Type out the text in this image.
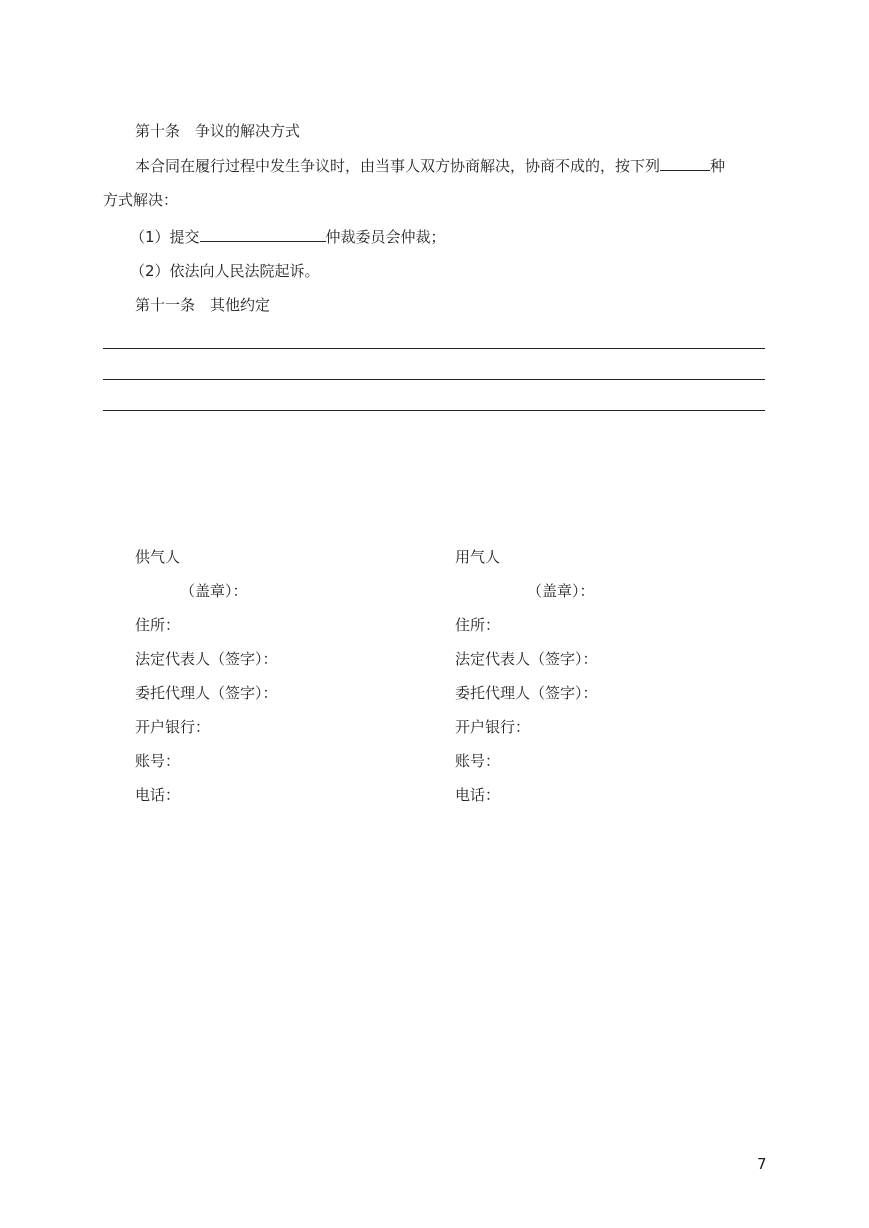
第十条　争议的解决方式
本合同在履行过程中发生争议时，由当事人双方协商解决，协商不成的，按下列	种
方式解决：
（1）提交	仲裁委员会仲裁；
（2）依法向人民法院起诉。
第十一条　其他约定
供气人
（盖章）：
住所：
法定代表人（签字）：
委托代理人（签字）：
开户银行：
账号：
电话：
用气人
（盖章）：
住所：
法定代表人（签字）：
委托代理人（签字）：
开户银行：
账号：
电话：
7
